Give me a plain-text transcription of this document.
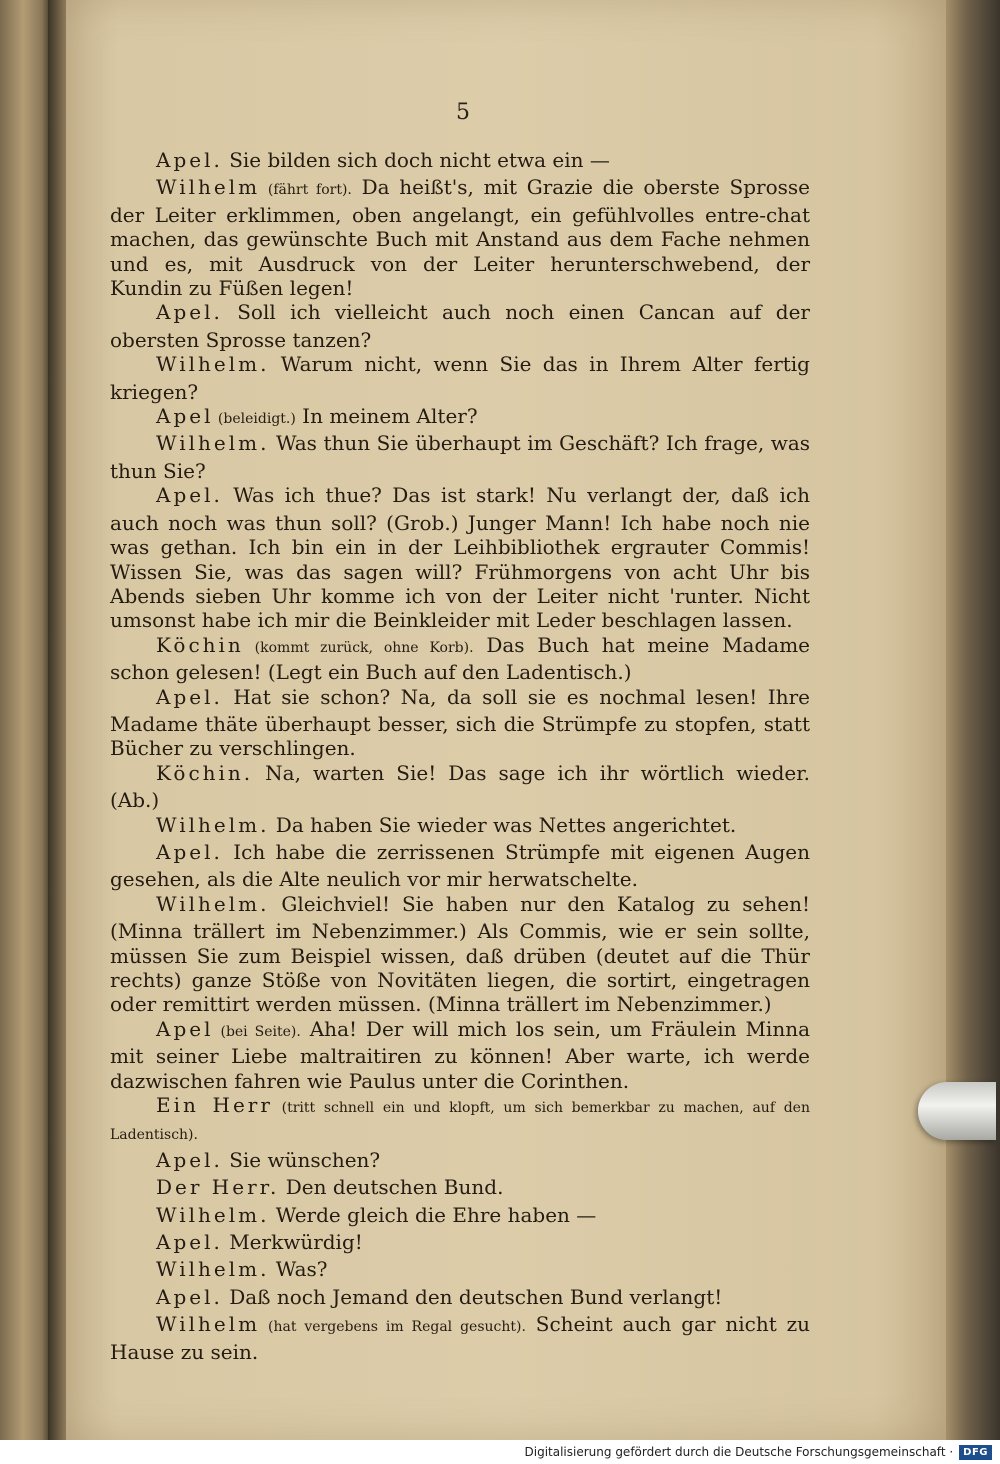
5

Apel. Sie bilden sich doch nicht etwa ein —

Wilhelm (fährt fort). Da heißt's, mit Grazie die oberste Sprosse der Leiter erklimmen, oben angelangt, ein gefühlvolles entre-chat machen, das gewünschte Buch mit Anstand aus dem Fache nehmen und es, mit Ausdruck von der Leiter herunterschwebend, der Kundin zu Füßen legen!

Apel. Soll ich vielleicht auch noch einen Cancan auf der obersten Sprosse tanzen?

Wilhelm. Warum nicht, wenn Sie das in Ihrem Alter fertig kriegen?

Apel (beleidigt.) In meinem Alter?

Wilhelm. Was thun Sie überhaupt im Geschäft? Ich frage, was thun Sie?

Apel. Was ich thue? Das ist stark! Nu verlangt der, daß ich auch noch was thun soll? (Grob.) Junger Mann! Ich habe noch nie was gethan. Ich bin ein in der Leihbibliothek ergrauter Commis! Wissen Sie, was das sagen will? Frühmorgens von acht Uhr bis Abends sieben Uhr komme ich von der Leiter nicht 'runter. Nicht umsonst habe ich mir die Beinkleider mit Leder beschlagen lassen.

Köchin (kommt zurück, ohne Korb). Das Buch hat meine Madame schon gelesen! (Legt ein Buch auf den Ladentisch.)

Apel. Hat sie schon? Na, da soll sie es nochmal lesen! Ihre Madame thäte überhaupt besser, sich die Strümpfe zu stopfen, statt Bücher zu verschlingen.

Köchin. Na, warten Sie! Das sage ich ihr wörtlich wieder. (Ab.)

Wilhelm. Da haben Sie wieder was Nettes angerichtet.

Apel. Ich habe die zerrissenen Strümpfe mit eigenen Augen gesehen, als die Alte neulich vor mir herwatschelte.

Wilhelm. Gleichviel! Sie haben nur den Katalog zu sehen! (Minna trällert im Nebenzimmer.) Als Commis, wie er sein sollte, müssen Sie zum Beispiel wissen, daß drüben (deutet auf die Thür rechts) ganze Stöße von Novitäten liegen, die sortirt, eingetragen oder remittirt werden müssen. (Minna trällert im Nebenzimmer.)

Apel (bei Seite). Aha! Der will mich los sein, um Fräulein Minna mit seiner Liebe maltraitiren zu können! Aber warte, ich werde dazwischen fahren wie Paulus unter die Corinthen.

Ein Herr (tritt schnell ein und klopft, um sich bemerkbar zu machen, auf den Ladentisch).

Apel. Sie wünschen?

Der Herr. Den deutschen Bund.

Wilhelm. Werde gleich die Ehre haben —

Apel. Merkwürdig!

Wilhelm. Was?

Apel. Daß noch Jemand den deutschen Bund verlangt!

Wilhelm (hat vergebens im Regal gesucht). Scheint auch gar nicht zu Hause zu sein.

Digitalisierung gefördert durch die Deutsche Forschungsgemeinschaft ·	DFG
